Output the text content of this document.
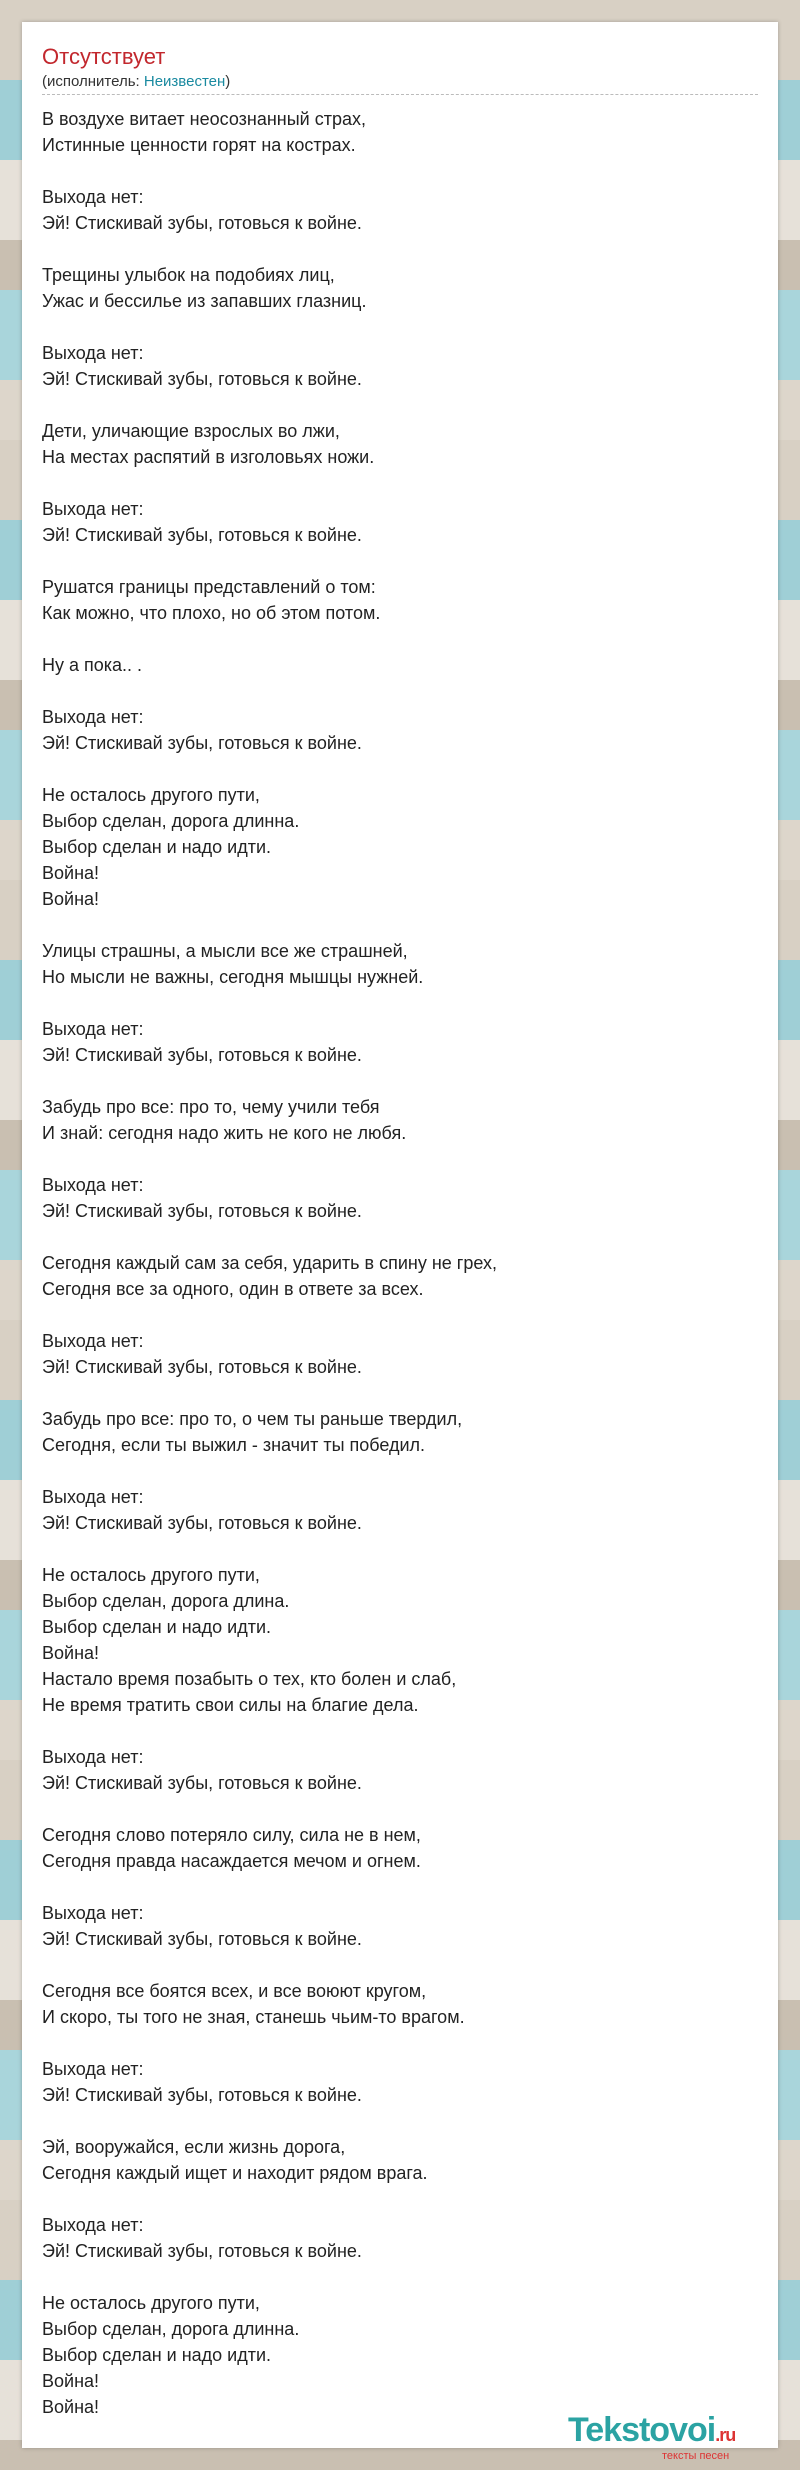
Отсутствует
(исполнитель: Неизвестен)
В воздухе витает неосознанный страх,
Истинные ценности горят на кострах.
Выхода нет:
Эй! Стискивай зубы, готовься к войне.
Трещины улыбок на подобиях лиц,
Ужас и бессилье из запавших глазниц.
Выхода нет:
Эй! Стискивай зубы, готовься к войне.
Дети, уличающие взрослых во лжи,
На местах распятий в изголовьях ножи.
Выхода нет:
Эй! Стискивай зубы, готовься к войне.
Рушатся границы представлений о том:
Как можно, что плохо, но об этом потом.
Ну а пока.. .
Выхода нет:
Эй! Стискивай зубы, готовься к войне.
Не осталось другого пути,
Выбор сделан, дорога длинна.
Выбор сделан и надо идти.
Война!
Война!
Улицы страшны, а мысли все же страшней,
Но мысли не важны, сегодня мышцы нужней.
Выхода нет:
Эй! Стискивай зубы, готовься к войне.
Забудь про все: про то, чему учили тебя
И знай: сегодня надо жить не кого не любя.
Выхода нет:
Эй! Стискивай зубы, готовься к войне.
Сегодня каждый сам за себя, ударить в спину не грех,
Сегодня все за одного, один в ответе за всех.
Выхода нет:
Эй! Стискивай зубы, готовься к войне.
Забудь про все: про то, о чем ты раньше твердил,
Сегодня, если ты выжил - значит ты победил.
Выхода нет:
Эй! Стискивай зубы, готовься к войне.
Не осталось другого пути,
Выбор сделан, дорога длина.
Выбор сделан и надо идти.
Война!
Настало время позабыть о тех, кто болен и слаб,
Не время тратить свои силы на благие дела.
Выхода нет:
Эй! Стискивай зубы, готовься к войне.
Сегодня слово потеряло силу, сила не в нем,
Сегодня правда насаждается мечом и огнем.
Выхода нет:
Эй! Стискивай зубы, готовься к войне.
Сегодня все боятся всех, и все воюют кругом,
И скоро, ты того не зная, станешь чьим-то врагом.
Выхода нет:
Эй! Стискивай зубы, готовься к войне.
Эй, вооружайся, если жизнь дорога,
Сегодня каждый ищет и находит рядом врага.
Выхода нет:
Эй! Стискивай зубы, готовься к войне.
Не осталось другого пути,
Выбор сделан, дорога длинна.
Выбор сделан и надо идти.
Война!
Война!
Tekstovoi.ru
тексты песен
